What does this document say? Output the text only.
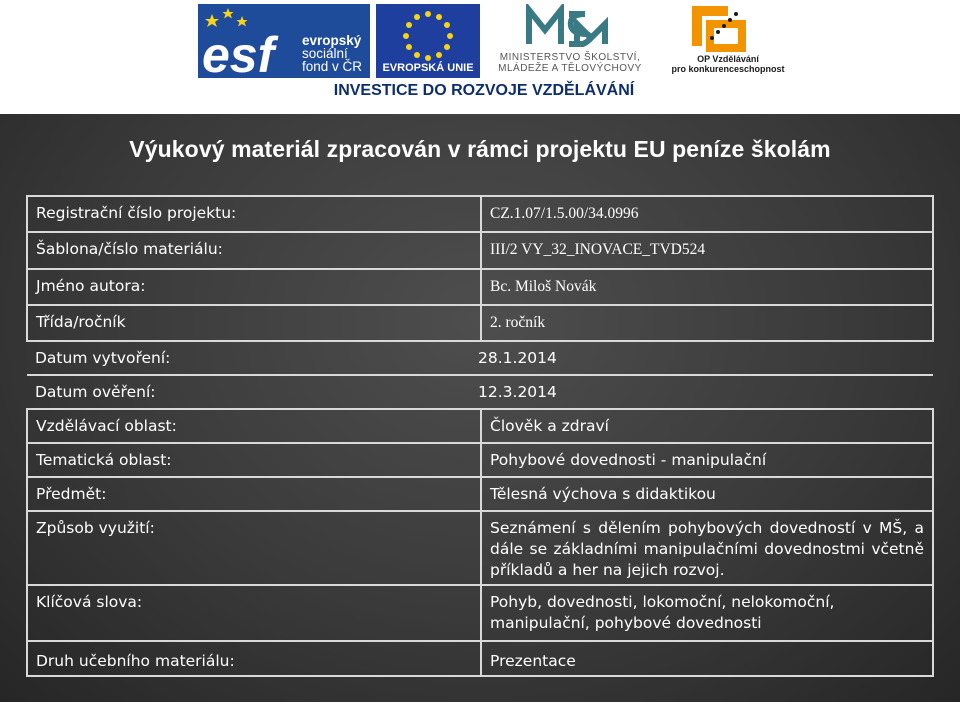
esf	evropský
sociální
fond v ČR	EVROPSKÁ UNIE
MINISTERSTVO ŠKOLSTVÍ,
MLÁDEŽE A TĚLOVÝCHOVY
OP Vzdělávání
pro konkurenceschopnost
INVESTICE DO ROZVOJE VZDĚLÁVÁNÍ
Výukový materiál zpracován v rámci projektu EU peníze školám
Registrační číslo projektu:	CZ.1.07/1.5.00/34.0996
Šablona/číslo materiálu:	III/2 VY_32_INOVACE_TVD524
Jméno autora:	Bc. Miloš Novák
Třída/ročník	2. ročník
Datum vytvoření: 28.1.2014	
Datum ověření: 12.3.2014	
Vzdělávací oblast:	Člověk a zdraví
Tematická oblast:	Pohybové dovednosti - manipulační
Předmět:	Tělesná výchova s didaktikou
Způsob využití:	Seznámení s dělením pohybových dovedností v MŠ, a dále se základními manipulačními dovednostmi včetně příkladů a her na jejich rozvoj.
Klíčová slova:	Pohyb, dovednosti, lokomoční, nelokomoční, manipulační, pohybové dovednosti
Druh učebního materiálu:	Prezentace
